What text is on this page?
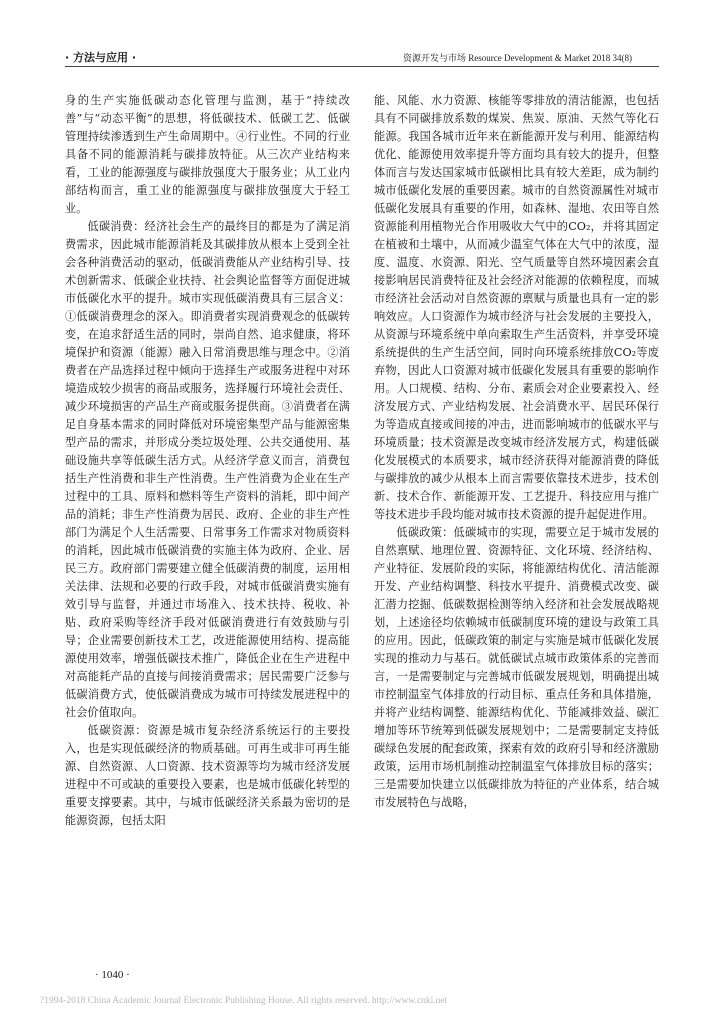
· 方法与应用 ·	资源开发与市场 Resource Development & Market 2018 34(8)

身的生产实施低碳动态化管理与监测，基于“持续改善”与“动态平衡”的思想，将低碳技术、低碳工艺、低碳管理持续渗透到生产生命周期中。④行业性。不同的行业具备不同的能源消耗与碳排放特征。从三次产业结构来看，工业的能源强度与碳排放强度大于服务业；从工业内部结构而言，重工业的能源强度与碳排放强度大于轻工业。

低碳消费：经济社会生产的最终目的都是为了满足消费需求，因此城市能源消耗及其碳排放从根本上受到全社会各种消费活动的驱动，低碳消费能从产业结构引导、技术创新需求、低碳企业扶持、社会舆论监督等方面促进城市低碳化水平的提升。城市实现低碳消费具有三层含义：①低碳消费理念的深入。即消费者实现消费观念的低碳转变，在追求舒适生活的同时，崇尚自然、追求健康，将环境保护和资源（能源）融入日常消费思维与理念中。②消费者在产品选择过程中倾向于选择生产或服务进程中对环境造成较少损害的商品或服务，选择履行环境社会责任、减少环境损害的产品生产商或服务提供商。③消费者在满足自身基本需求的同时降低对环境密集型产品与能源密集型产品的需求，并形成分类垃圾处理、公共交通使用、基础设施共享等低碳生活方式。从经济学意义而言，消费包括生产性消费和非生产性消费。生产性消费为企业在生产过程中的工具、原料和燃料等生产资料的消耗，即中间产品的消耗；非生产性消费为居民、政府、企业的非生产性部门为满足个人生活需要、日常事务工作需求对物质资料的消耗，因此城市低碳消费的实施主体为政府、企业、居民三方。政府部门需要建立健全低碳消费的制度，运用相关法律、法规和必要的行政手段，对城市低碳消费实施有效引导与监督，并通过市场准入、技术扶持、税收、补贴、政府采购等经济手段对低碳消费进行有效鼓励与引导；企业需要创新技术工艺，改进能源使用结构、提高能源使用效率，增强低碳技术推广，降低企业在生产进程中对高能耗产品的直接与间接消费需求；居民需要广泛参与低碳消费方式，使低碳消费成为城市可持续发展进程中的社会价值取向。

低碳资源：资源是城市复杂经济系统运行的主要投入，也是实现低碳经济的物质基础。可再生或非可再生能源、自然资源、人口资源、技术资源等均为城市经济发展进程中不可或缺的重要投入要素，也是城市低碳化转型的重要支撑要素。其中，与城市低碳经济关系最为密切的是能源资源，包括太阳

能、风能、水力资源、核能等零排放的清洁能源，也包括具有不同碳排放系数的煤炭、焦炭、原油、天然气等化石能源。我国各城市近年来在新能源开发与利用、能源结构优化、能源使用效率提升等方面均具有较大的提升，但整体而言与发达国家城市低碳相比具有较大差距，成为制约城市低碳化发展的重要因素。城市的自然资源属性对城市低碳化发展具有重要的作用，如森林、湿地、农田等自然资源能利用植物光合作用吸收大气中的CO₂，并将其固定在植被和土壤中，从而减少温室气体在大气中的浓度，湿度、温度、水资源、阳光、空气质量等自然环境因素会直接影响居民消费特征及社会经济对能源的依赖程度，而城市经济社会活动对自然资源的禀赋与质量也具有一定的影响效应。人口资源作为城市经济与社会发展的主要投入，从资源与环境系统中单向索取生产生活资料，并享受环境系统提供的生产生活空间，同时向环境系统排放CO₂等废弃物，因此人口资源对城市低碳化发展具有重要的影响作用。人口规模、结构、分布、素质会对企业要素投入、经济发展方式、产业结构发展、社会消费水平、居民环保行为等造成直接或间接的冲击，进而影响城市的低碳水平与环境质量；技术资源是改变城市经济发展方式，构建低碳化发展模式的本质要求，城市经济获得对能源消费的降低与碳排放的减少从根本上而言需要依靠技术进步，技术创新、技术合作、新能源开发、工艺提升、科技应用与推广等技术进步手段均能对城市技术资源的提升起促进作用。

低碳政策：低碳城市的实现，需要立足于城市发展的自然禀赋、地理位置、资源特征、文化环境、经济结构、产业特征、发展阶段的实际，将能源结构优化、清洁能源开发、产业结构调整、科技水平提升、消费模式改变、碳汇潜力挖掘、低碳数据检测等纳入经济和社会发展战略规划，上述途径均依赖城市低碳制度环境的建设与政策工具的应用。因此，低碳政策的制定与实施是城市低碳化发展实现的推动力与基石。就低碳试点城市政策体系的完善而言，一是需要制定与完善城市低碳发展规划，明确提出城市控制温室气体排放的行动目标、重点任务和具体措施，并将产业结构调整、能源结构优化、节能减排效益、碳汇增加等环节统筹到低碳发展规划中；二是需要制定支持低碳绿色发展的配套政策，探索有效的政府引导和经济激励政策，运用市场机制推动控制温室气体排放目标的落实；三是需要加快建立以低碳排放为特征的产业体系，结合城市发展特色与战略，

· 1040 ·
?1994-2018 China Academic Journal Electronic Publishing House. All rights reserved. http://www.cnki.net
